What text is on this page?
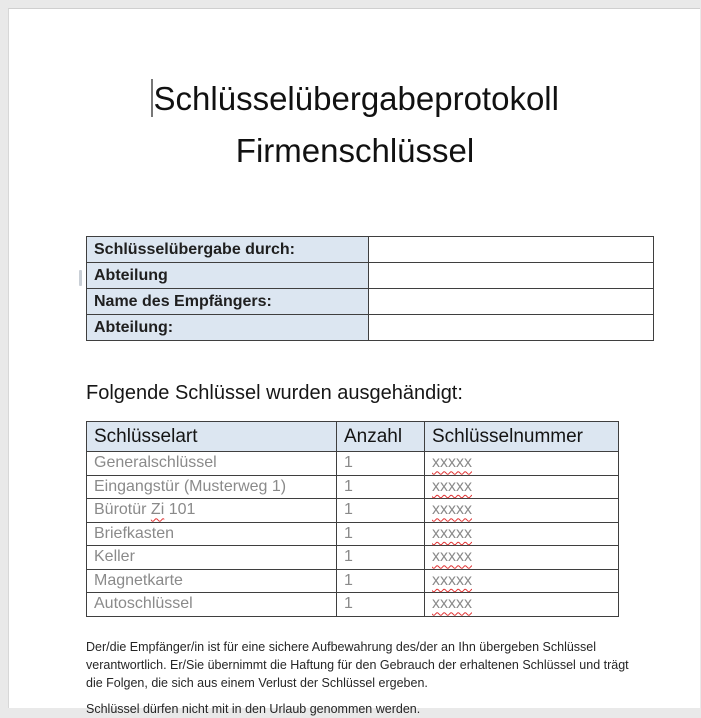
Schlüsselübergabeprotokoll
Firmenschlüssel
Schlüsselübergabe durch:	
Abteilung	
Name des Empfängers:	
Abteilung:	
Folgende Schlüssel wurden ausgehändigt:
Schlüsselart	Anzahl	Schlüsselnummer
Generalschlüssel	1	xxxxx
Eingangstür (Musterweg 1)	1	xxxxx
Bürotür Zi 101	1	xxxxx
Briefkasten	1	xxxxx
Keller	1	xxxxx
Magnetkarte	1	xxxxx
Autoschlüssel	1	xxxxx
Der/die Empfänger/in ist für eine sichere Aufbewahrung des/der an Ihn übergeben Schlüssel
verantwortlich. Er/Sie übernimmt die Haftung für den Gebrauch der erhaltenen Schlüssel und trägt
die Folgen, die sich aus einem Verlust der Schlüssel ergeben.
Schlüssel dürfen nicht mit in den Urlaub genommen werden.
